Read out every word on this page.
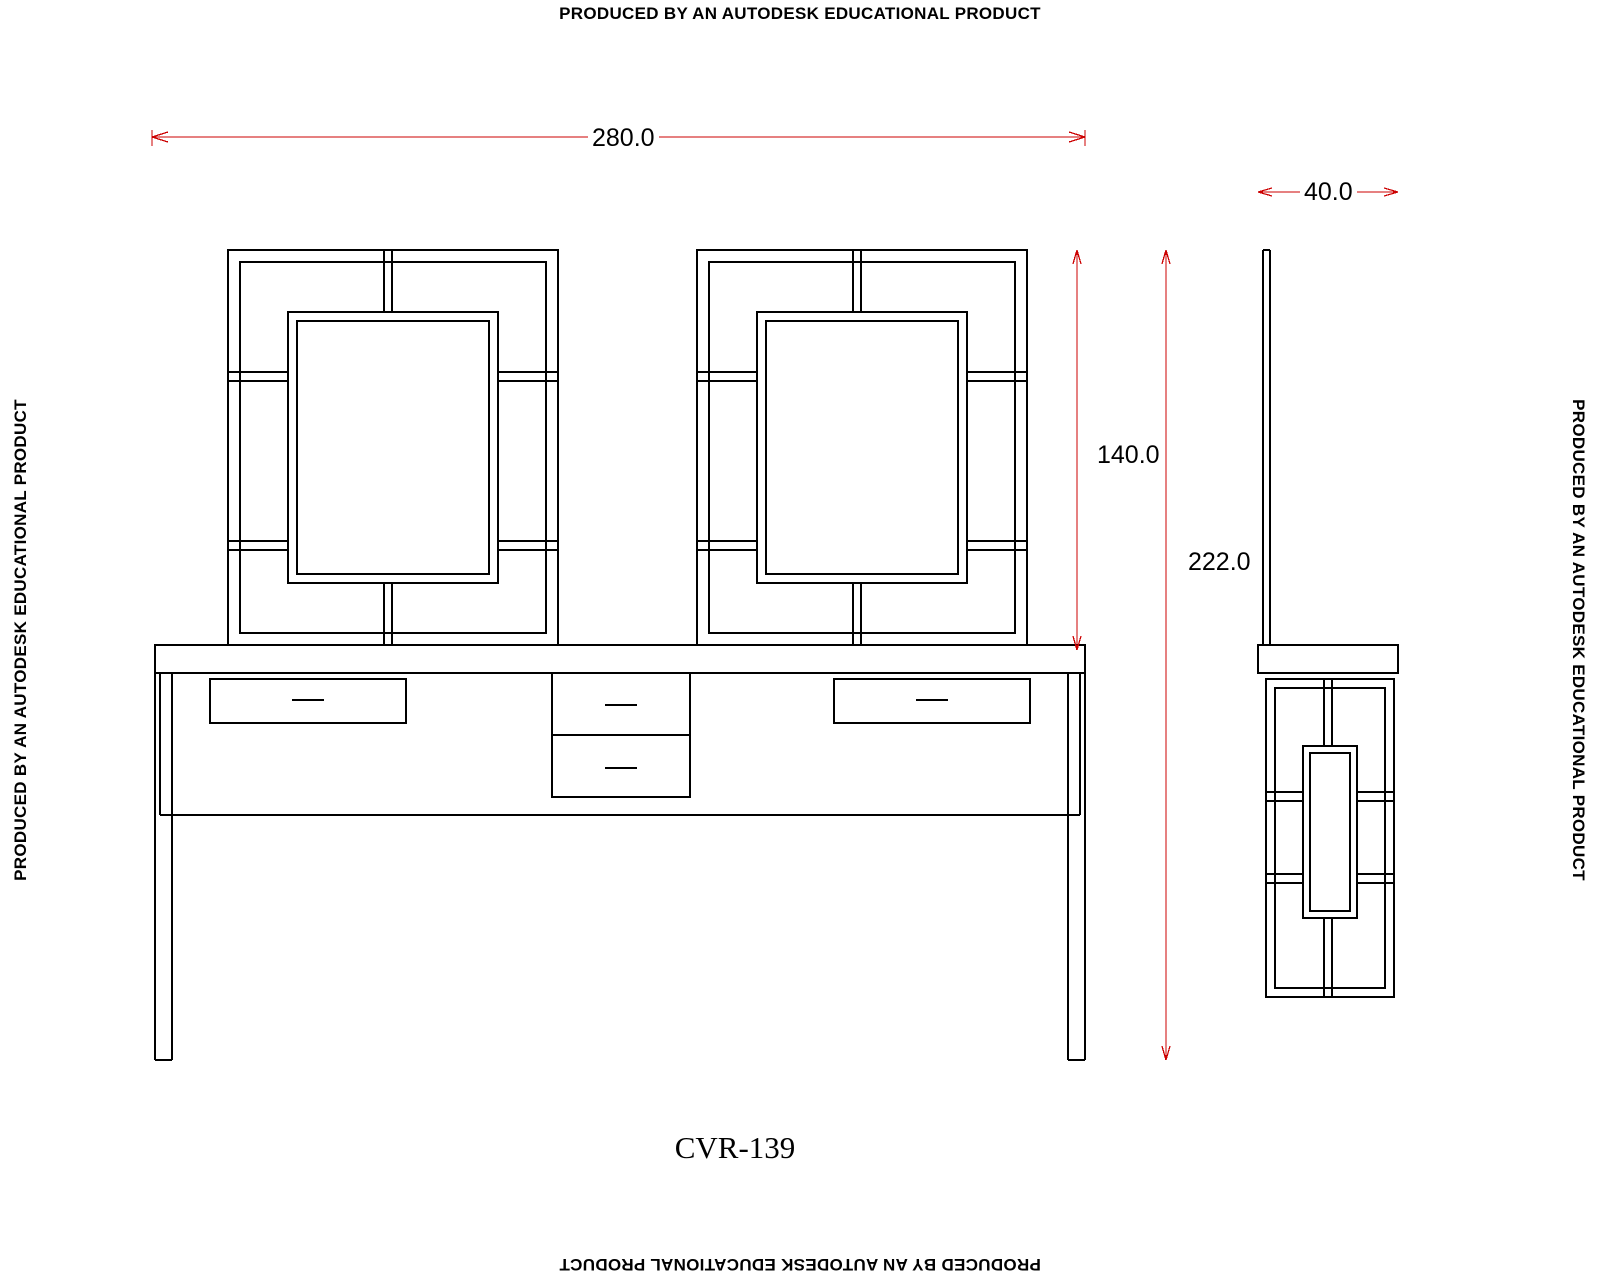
PRODUCED BY AN AUTODESK EDUCATIONAL PRODUCT
PRODUCED BY AN AUTODESK EDUCATIONAL PRODUCT
PRODUCED BY AN AUTODESK EDUCATIONAL PRODUCT	PRODUCED BY AN AUTODESK EDUCATIONAL PRODUCT
280.0
40.0
140.0
222.0
CVR-139
